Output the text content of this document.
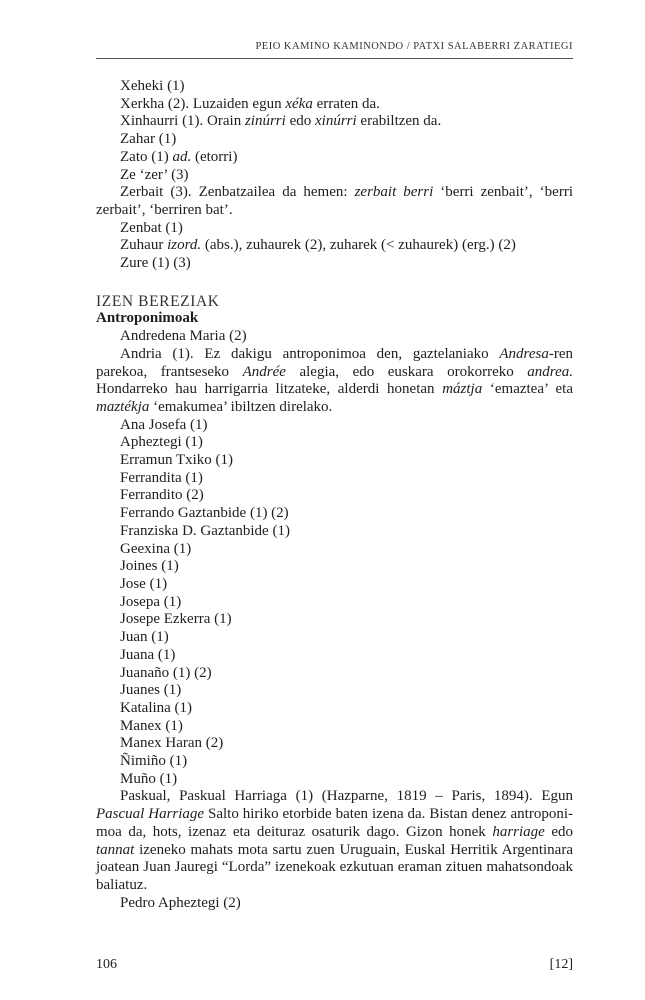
PEIO KAMINO KAMINONDO / PATXI SALABERRI ZARATIEGI

Xeheki (1)

Xerkha (2). Luzaiden egun xéka erraten da.

Xinhaurri (1). Orain zinúrri edo xinúrri erabiltzen da.

Zahar (1)

Zato (1) ad. (etorri)

Ze ‘zer’ (3)

Zerbait (3). Zenbatzailea da hemen: zerbait berri ‘berri zenbait’, ‘berri zerbait’, ‘berriren bat’.

Zenbat (1)

Zuhaur izord. (abs.), zuhaurek (2), zuharek (< zuhaurek) (erg.) (2)

Zure (1) (3)

IZEN BEREZIAK

Antroponimoak

Andredena Maria (2)

Andria (1). Ez dakigu antroponimoa den, gaztelaniako Andresa-ren parekoa, frantseseko Andrée alegia, edo euskara orokorreko andrea. Hondarreko hau harrigarria litzateke, alderdi honetan máztja ‘emaztea’ eta maztékja ‘emakumea’ ibiltzen direlako.

Ana Josefa (1)

Apheztegi (1)

Erramun Txiko (1)

Ferrandita (1)

Ferrandito (2)

Ferrando Gaztanbide (1) (2)

Franziska D. Gaztanbide (1)

Geexina (1)

Joines (1)

Jose (1)

Josepa (1)

Josepe Ezkerra (1)

Juan (1)

Juana (1)

Juanaño (1) (2)

Juanes (1)

Katalina (1)

Manex (1)

Manex Haran (2)

Ñimiño (1)

Muño (1)

Paskual, Paskual Harriaga (1) (Hazparne, 1819 – Paris, 1894). Egun Pascual Harriage Salto hiriko etorbide baten izena da. Bistan denez antroponimoa da, hots, izenaz eta deituraz osaturik dago. Gizon honek harriage edo tannat izeneko mahats mota sartu zuen Uruguain, Euskal Herritik Argentinara joatean Juan Jauregi “Lorda” izenekoak ezkutuan eraman zituen mahatsondoak baliatuz.

Pedro Apheztegi (2)

106	[12]
